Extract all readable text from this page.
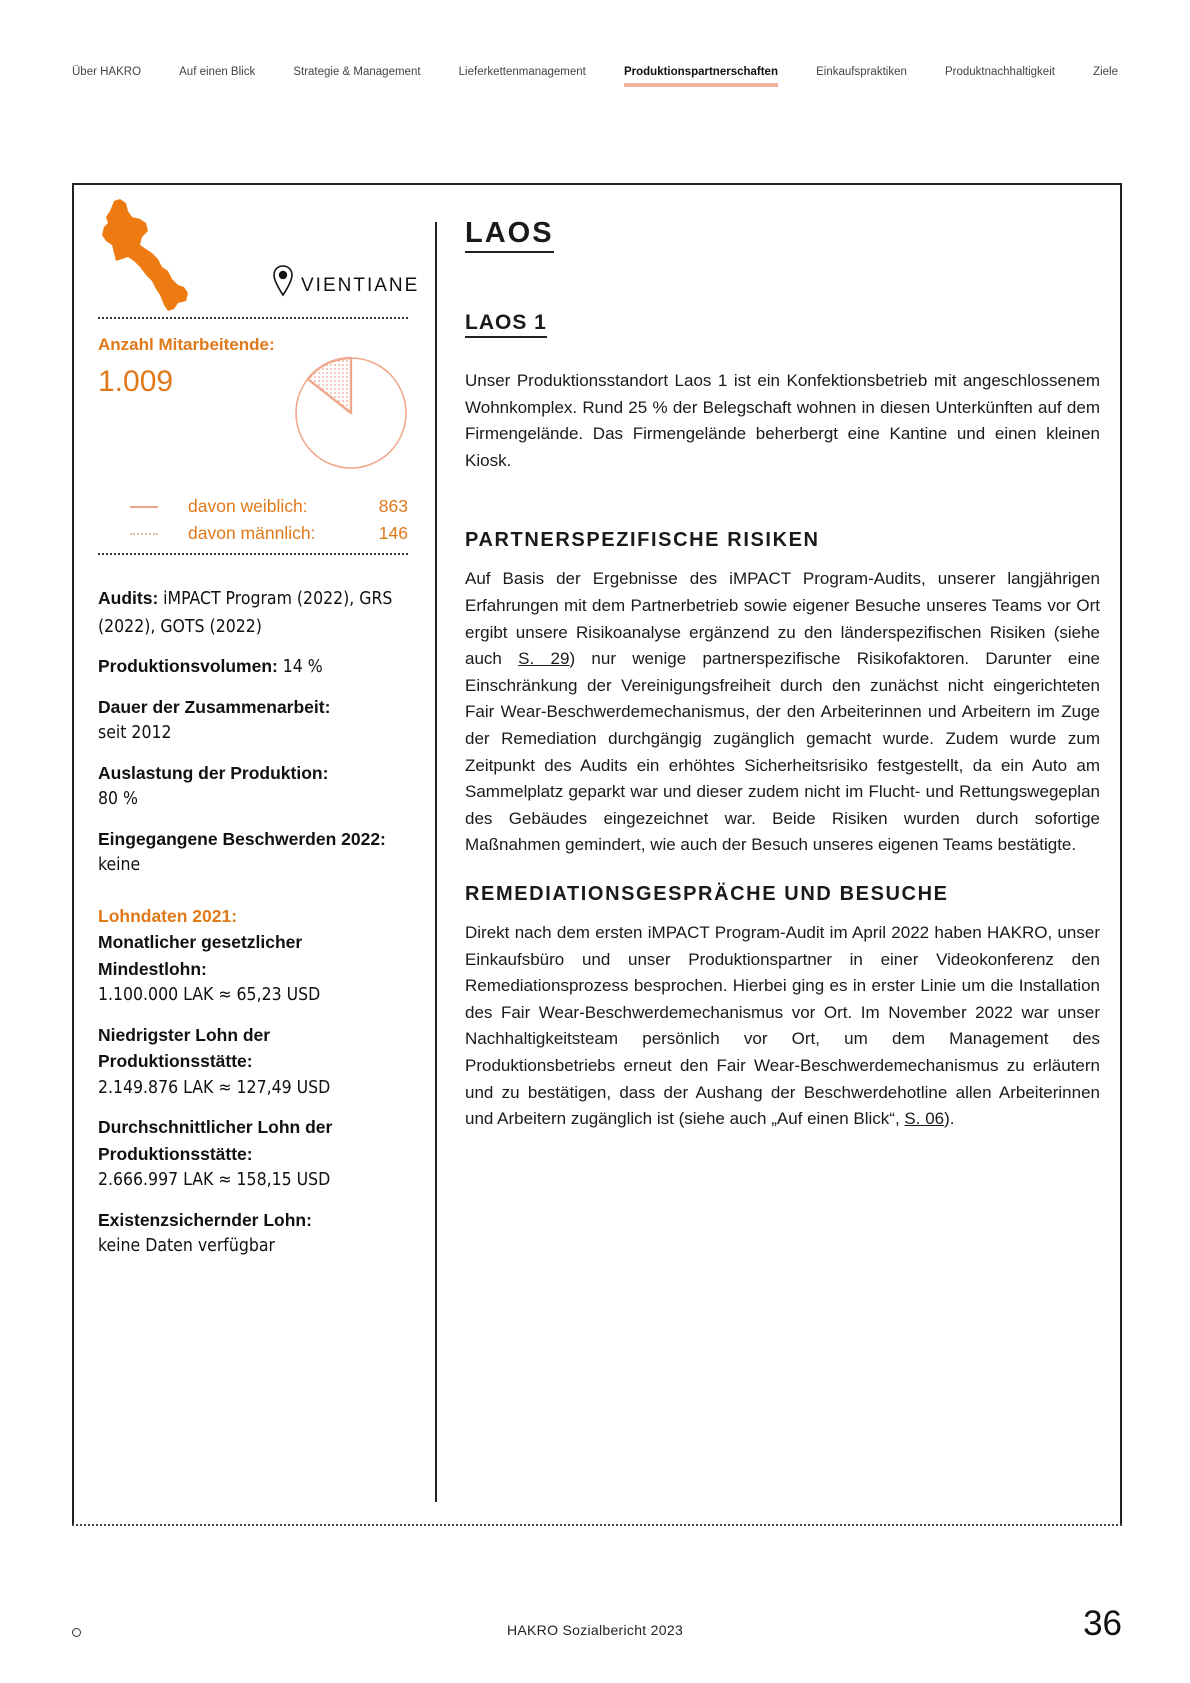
Über HAKRO	Auf einen Blick	Strategie & Management	Lieferkettenmanagement	Produktionspartnerschaften	Einkaufspraktiken	Produktnachhaltigkeit	Ziele
VIENTIANE
Anzahl Mitarbeitende:
1.009
davon weiblich:	863
davon männlich:	146
Audits: iMPACT Program (2022), GRS (2022), GOTS (2022)
Produktionsvolumen: 14 %
Dauer der Zusammenarbeit:
seit 2012
Auslastung der Produktion:
80 %
Eingegangene Beschwerden 2022:
keine
Lohndaten 2021:
Monatlicher gesetzlicher Mindestlohn:
1.100.000 LAK ≈ 65,23 USD
Niedrigster Lohn der Produktionsstätte:
2.149.876 LAK ≈ 127,49 USD
Durchschnittlicher Lohn der Produktionsstätte:
2.666.997 LAK ≈ 158,15 USD
Existenzsichernder Lohn:
keine Daten verfügbar
LAOS
LAOS 1

Unser Produktionsstandort Laos 1 ist ein Konfektionsbetrieb mit angeschlossenem Wohnkomplex. Rund 25 % der Belegschaft wohnen in diesen Unterkünften auf dem Firmengelände. Das Firmengelände beherbergt eine Kantine und einen kleinen Kiosk.

PARTNERSPEZIFISCHE RISIKEN

Auf Basis der Ergebnisse des iMPACT Program-Audits, unserer langjährigen Erfahrungen mit dem Partnerbetrieb sowie eigener Besuche unseres Teams vor Ort ergibt unsere Risikoanalyse ergänzend zu den länderspezifischen Risiken (siehe auch S. 29) nur wenige partnerspezifische Risikofaktoren. Darunter eine Einschränkung der Vereinigungsfreiheit durch den zunächst nicht eingerichteten Fair Wear-Beschwerdemechanismus, der den Arbeiterinnen und Arbeitern im Zuge der Remediation durchgängig zugänglich gemacht wurde. Zudem wurde zum Zeitpunkt des Audits ein erhöhtes Sicherheitsrisiko festgestellt, da ein Auto am Sammelplatz geparkt war und dieser zudem nicht im Flucht- und Rettungswegeplan des Gebäudes eingezeichnet war. Beide Risiken wurden durch sofortige Maßnahmen gemindert, wie auch der Besuch unseres eigenen Teams bestätigte.

REMEDIATIONSGESPRÄCHE UND BESUCHE

Direkt nach dem ersten iMPACT Program-Audit im April 2022 haben HAKRO, unser Einkaufsbüro und unser Produktionspartner in einer Videokonferenz den Remediationsprozess besprochen. Hierbei ging es in erster Linie um die Installation des Fair Wear-Beschwerdemechanismus vor Ort. Im November 2022 war unser Nachhaltigkeitsteam persönlich vor Ort, um dem Management des Produktionsbetriebs erneut den Fair Wear-Beschwerdemechanismus zu erläutern und zu bestätigen, dass der Aushang der Beschwerdehotline allen Arbeiterinnen und Arbeitern zugänglich ist (siehe auch „Auf einen Blick“, S. 06).

HAKRO Sozialbericht 2023	36
